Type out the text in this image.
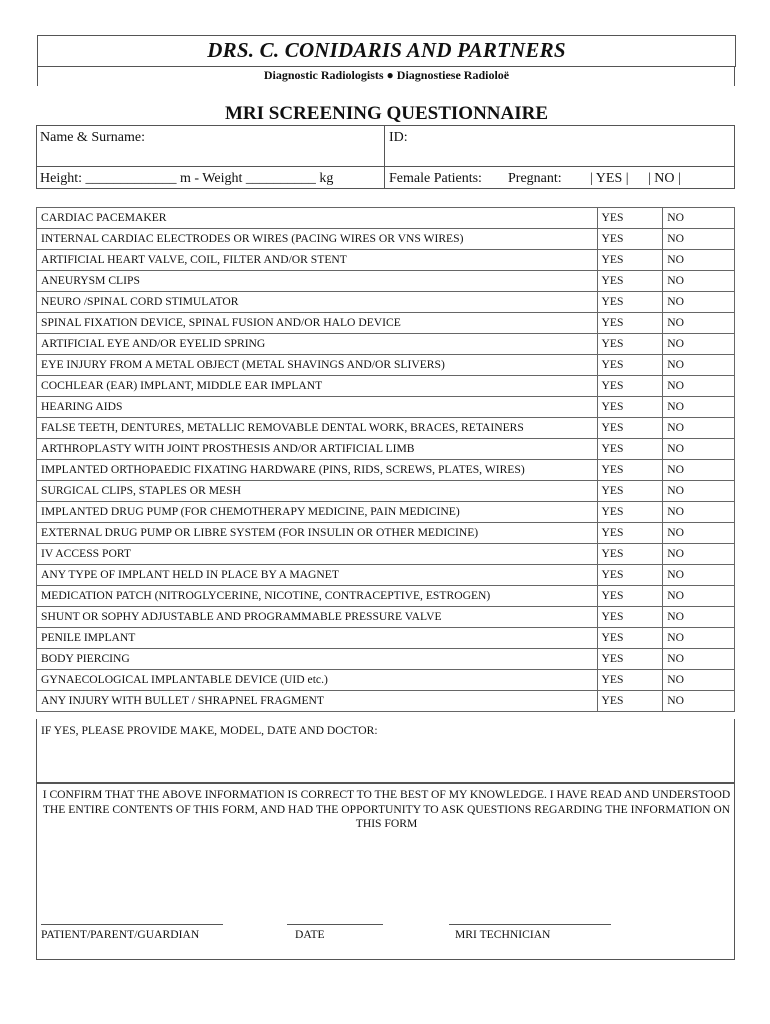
DRS. C. CONIDARIS AND PARTNERS
Diagnostic Radiologists ● Diagnostiese Radioloë
MRI SCREENING QUESTIONNAIRE
Name & Surname:	ID:
Height: _____________ m - Weight __________ kg	Female Patients: Pregnant: | YES | | NO |
CARDIAC PACEMAKER	YES	NO
INTERNAL CARDIAC ELECTRODES OR WIRES (PACING WIRES OR VNS WIRES)	YES	NO
ARTIFICIAL HEART VALVE, COIL, FILTER AND/OR STENT	YES	NO
ANEURYSM CLIPS	YES	NO
NEURO /SPINAL CORD STIMULATOR	YES	NO
SPINAL FIXATION DEVICE, SPINAL FUSION AND/OR HALO DEVICE	YES	NO
ARTIFICIAL EYE AND/OR EYELID SPRING	YES	NO
EYE INJURY FROM A METAL OBJECT (METAL SHAVINGS AND/OR SLIVERS)	YES	NO
COCHLEAR (EAR) IMPLANT, MIDDLE EAR IMPLANT	YES	NO
HEARING AIDS	YES	NO
FALSE TEETH, DENTURES, METALLIC REMOVABLE DENTAL WORK, BRACES, RETAINERS	YES	NO
ARTHROPLASTY WITH JOINT PROSTHESIS AND/OR ARTIFICIAL LIMB	YES	NO
IMPLANTED ORTHOPAEDIC FIXATING HARDWARE (PINS, RIDS, SCREWS, PLATES, WIRES)	YES	NO
SURGICAL CLIPS, STAPLES OR MESH	YES	NO
IMPLANTED DRUG PUMP (FOR CHEMOTHERAPY MEDICINE, PAIN MEDICINE)	YES	NO
EXTERNAL DRUG PUMP OR LIBRE SYSTEM (FOR INSULIN OR OTHER MEDICINE)	YES	NO
IV ACCESS PORT	YES	NO
ANY TYPE OF IMPLANT HELD IN PLACE BY A MAGNET	YES	NO
MEDICATION PATCH (NITROGLYCERINE, NICOTINE, CONTRACEPTIVE, ESTROGEN)	YES	NO
SHUNT OR SOPHY ADJUSTABLE AND PROGRAMMABLE PRESSURE VALVE	YES	NO
PENILE IMPLANT	YES	NO
BODY PIERCING	YES	NO
GYNAECOLOGICAL IMPLANTABLE DEVICE (UID etc.)	YES	NO
ANY INJURY WITH BULLET / SHRAPNEL FRAGMENT	YES	NO
IF YES, PLEASE PROVIDE MAKE, MODEL, DATE AND DOCTOR:
I CONFIRM THAT THE ABOVE INFORMATION IS CORRECT TO THE BEST OF MY KNOWLEDGE. I HAVE READ AND UNDERSTOOD THE ENTIRE CONTENTS OF THIS FORM, AND HAD THE OPPORTUNITY TO ASK QUESTIONS REGARDING THE INFORMATION ON THIS FORM
PATIENT/PARENT/GUARDIAN	DATE	MRI TECHNICIAN
